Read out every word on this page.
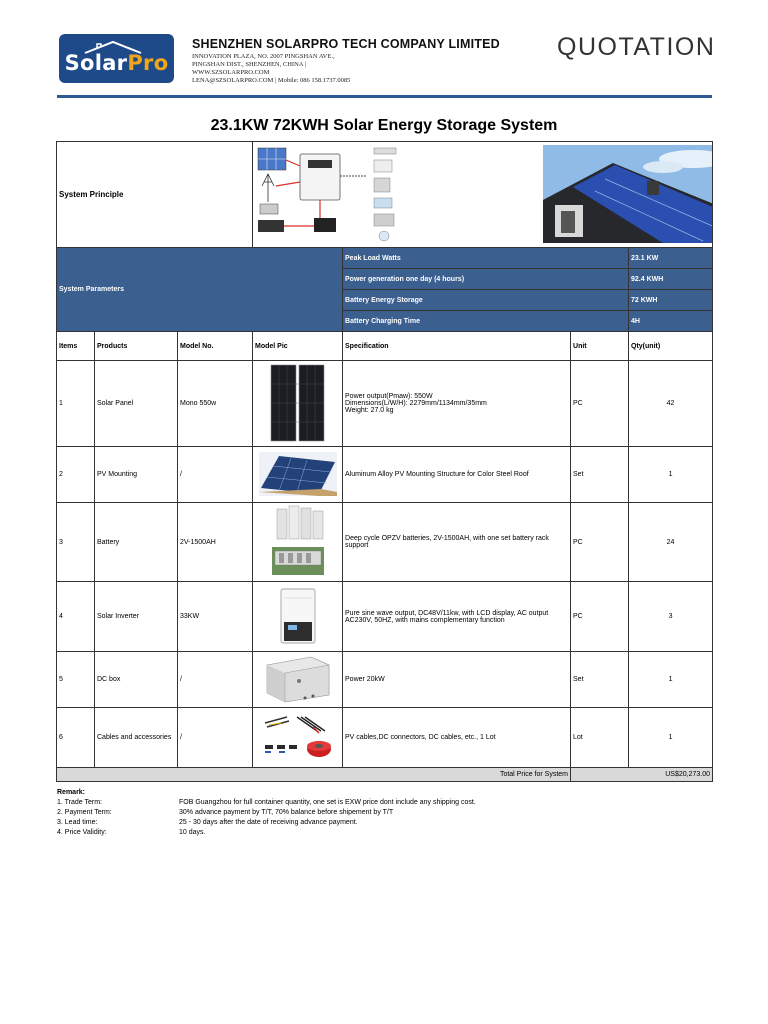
SolarPro
SHENZHEN SOLARPRO TECH COMPANY LIMITED
INNOVATION PLAZA, NO. 2007 PINGSHAN AVE.,
PINGSHAN DIST., SHENZHEN, CHINA |
WWW.SZSOLARPRO.COM
LENA@SZSOLARPRO.COM | Mobile: 086 158.1737.0085
QUOTATION
23.1KW 72KWH Solar Energy Storage System
System Principle	

System Parameters				Peak Load Watts		23.1 KW
				Power generation one day (4 hours)		92.4 KWH
				Battery Energy Storage		72 KWH
				Battery Charging Time		4H
Items	Products	Model No.	Model Pic	Specification	Unit	Qty(unit)
1	Solar Panel	Mono 550w		Power output(Pmaw): 550W
Dimensions(L/W/H): 2279mm/1134mm/35mm
Weight: 27.0 kg	PC	42
2	PV Mounting	/		Aluminum Alloy PV Mounting Structure for Color Steel Roof	Set	1
3	Battery	2V-1500AH		Deep cycle OPZV batteries, 2V-1500AH, with one set battery rack
support	PC	24
4	Solar Inverter	33KW		Pure sine wave output, DC48V/11kw, with LCD display, AC output
AC230V, 50HZ, with mains complementary function	PC	3
5	DC box	/		Power 20kW	Set	1
6	Cables and accessories	/		PV cables,DC connectors, DC cables, etc., 1 Lot	Lot	1
Total Price for System					US$20,273.00	
Remark:
1. Trade Term:	FOB Guangzhou for full container quantity, one set is EXW price dont include any shipping cost.
2. Payment Term:	30% advance payment by T/T, 70% balance before shipement by T/T
3. Lead time:	25 - 30 days after the date of receiving advance payment.
4. Price Validity:	10 days.
